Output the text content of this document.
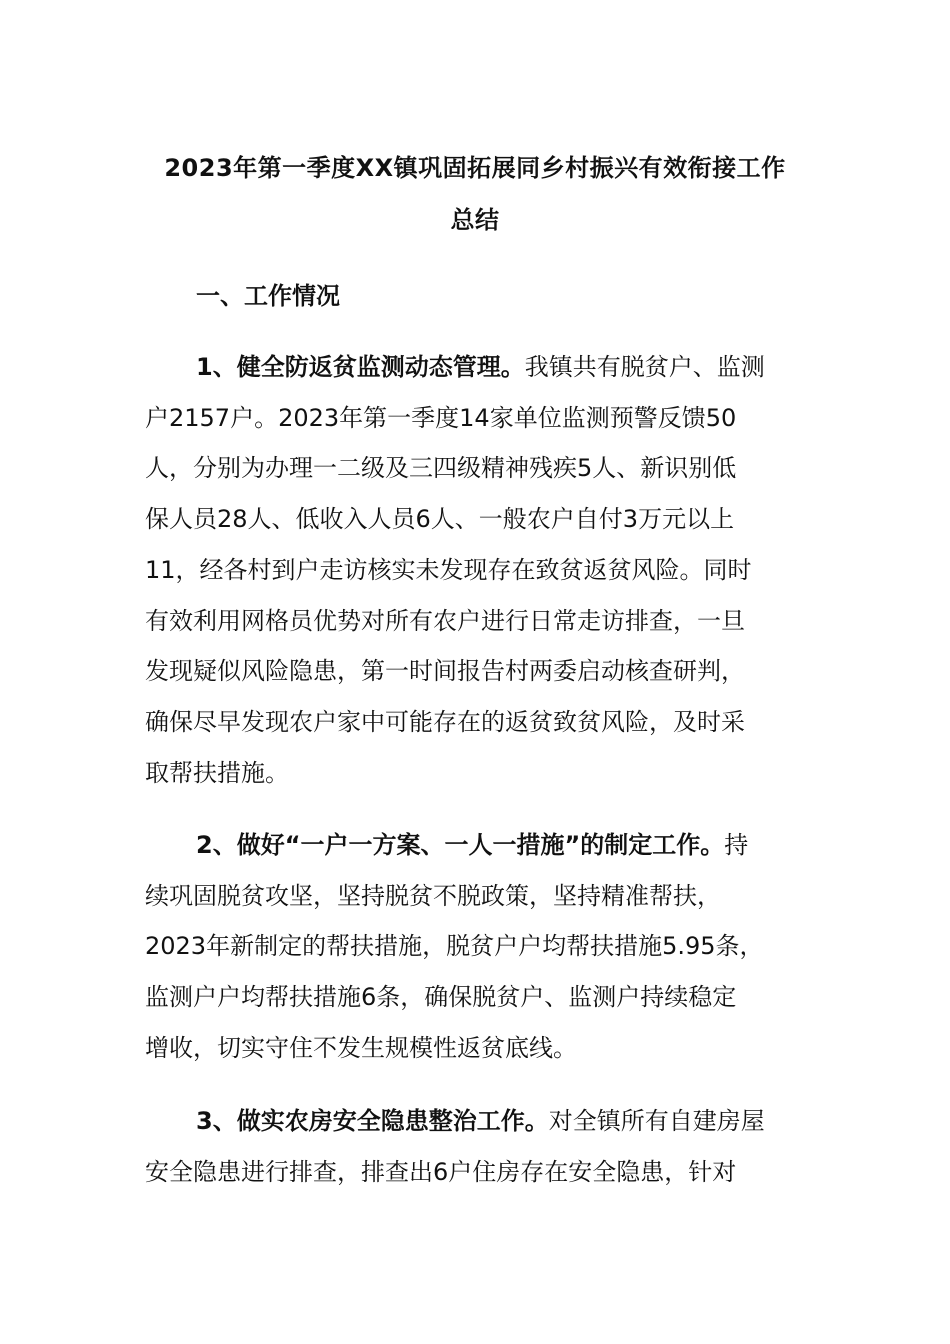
2023年第一季度XX镇巩固拓展同乡村振兴有效衔接工作
总结
一、工作情况

1、健全防返贫监测动态管理。我镇共有脱贫户、监测
户2157户。2023年第一季度14家单位监测预警反馈50
人，分别为办理一二级及三四级精神残疾5人、新识别低
保人员28人、低收入人员6人、一般农户自付3万元以上
11，经各村到户走访核实未发现存在致贫返贫风险。同时
有效利用网格员优势对所有农户进行日常走访排查，一旦
发现疑似风险隐患，第一时间报告村两委启动核查研判，
确保尽早发现农户家中可能存在的返贫致贫风险，及时采
取帮扶措施。

2、做好“一户一方案、一人一措施”的制定工作。持
续巩固脱贫攻坚，坚持脱贫不脱政策，坚持精准帮扶，
2023年新制定的帮扶措施，脱贫户户均帮扶措施5.95条，
监测户户均帮扶措施6条，确保脱贫户、监测户持续稳定
增收，切实守住不发生规模性返贫底线。

3、做实农房安全隐患整治工作。对全镇所有自建房屋
安全隐患进行排查，排查出6户住房存在安全隐患，针对
